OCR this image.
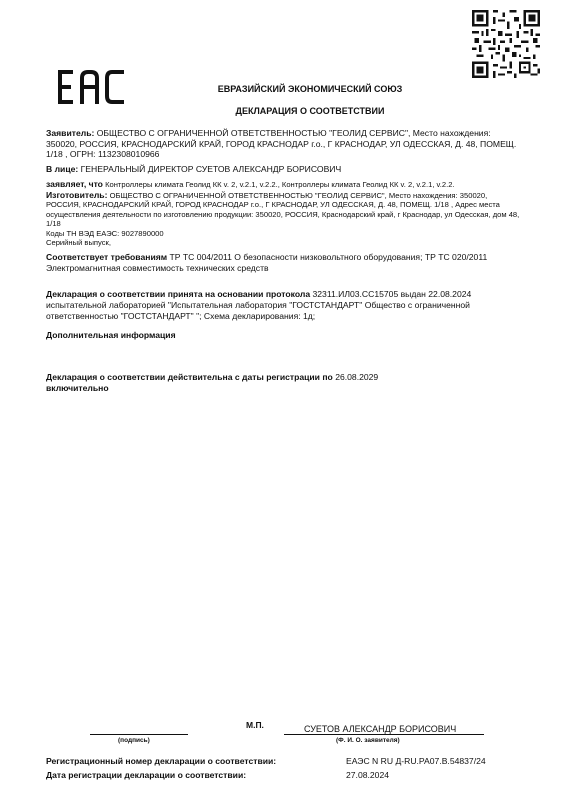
ЕВРАЗИЙСКИЙ ЭКОНОМИЧЕСКИЙ СОЮЗ
ДЕКЛАРАЦИЯ О СООТВЕТСТВИИ

Заявитель: ОБЩЕСТВО С ОГРАНИЧЕННОЙ ОТВЕТСТВЕННОСТЬЮ "ГЕОЛИД СЕРВИС", Место нахождения: 350020, РОССИЯ, КРАСНОДАРСКИЙ КРАЙ, ГОРОД КРАСНОДАР г.о., Г КРАСНОДАР, УЛ ОДЕССКАЯ, Д. 48, ПОМЕЩ. 1/18 , ОГРН: 1132308010966

В лице: ГЕНЕРАЛЬНЫЙ ДИРЕКТОР СУЕТОВ АЛЕКСАНДР БОРИСОВИЧ

заявляет, что Контроллеры климата Геолид КК v. 2, v.2.1, v.2.2., Контроллеры климата Геолид КК v. 2, v.2.1, v.2.2.

Изготовитель: ОБЩЕСТВО С ОГРАНИЧЕННОЙ ОТВЕТСТВЕННОСТЬЮ "ГЕОЛИД СЕРВИС", Место нахождения: 350020, РОССИЯ, КРАСНОДАРСКИЙ КРАЙ, ГОРОД КРАСНОДАР г.о., Г КРАСНОДАР, УЛ ОДЕССКАЯ, Д. 48, ПОМЕЩ. 1/18 , Адрес места осуществления деятельности по изготовлению продукции: 350020, РОССИЯ, Краснодарский край, г Краснодар, ул Одесская, дом 48, 1/18

Коды ТН ВЭД ЕАЭС: 9027890000

Серийный выпуск,

Соответствует требованиям ТР ТС 004/2011 О безопасности низковольтного оборудования; ТР ТС 020/2011 Электромагнитная совместимость технических средств

Декларация о соответствии принята на основании протокола 32311.ИЛ03.СС15705 выдан 22.08.2024 испытательной лабораторией "Испытательная лаборатория "ГОСТСТАНДАРТ" Общество с ограниченной ответственностью "ГОСТСТАНДАРТ" "; Схема декларирования: 1д;

Дополнительная информация

Декларация о соответствии действительна с даты регистрации по 26.08.2029
включительно

М.П.	СУЕТОВ АЛЕКСАНДР БОРИСОВИЧ
(подпись)	(Ф. И. О. заявителя)
Регистрационный номер декларации о соответствии:	ЕАЭС N RU Д-RU.PA07.B.54837/24
Дата регистрации декларации о соответствии:	27.08.2024
